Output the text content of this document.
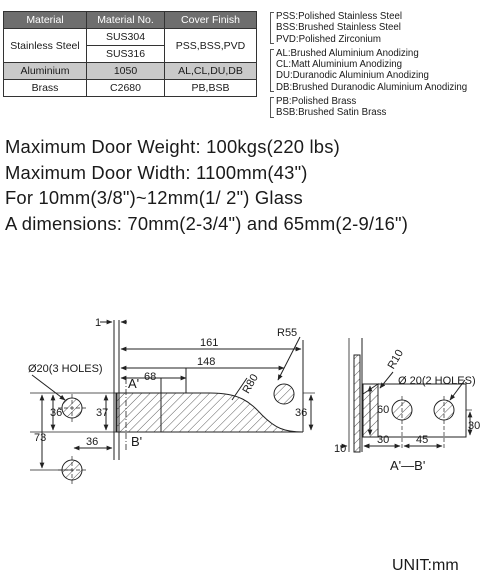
Material	Material No.	Cover Finish
Stainless Steel	SUS304	PSS,BSS,PVD
	SUS316	
Aluminium	1050	AL,CL,DU,DB
Brass	C2680	PB,BSB
PSS:Polished Stainless Steel
BSS:Brushed Stainless Steel
PVD:Polished Zirconium
AL:Brushed Aluminium Anodizing
CL:Matt Aluminium Anodizing
DU:Duranodic Aluminium Anodizing
DB:Brushed Duranodic Aluminium Anodizing
PB:Polished Brass
BSB:Brushed Satin Brass
Maximum Door Weight: 100kgs(220 lbs)
Maximum Door Width: 1100mm(43")
For 10mm(3/8")~12mm(1/ 2") Glass
A dimensions: 70mm(2-3/4") and 65mm(2-9/16")
1
161
148
R55
68
A'
B'
R80
Ø20(3 HOLES)
36	37
73	36
36
R10
Ø 20(2 HOLES)
60
30
10
30 45
A'—B'
UNIT:mm
